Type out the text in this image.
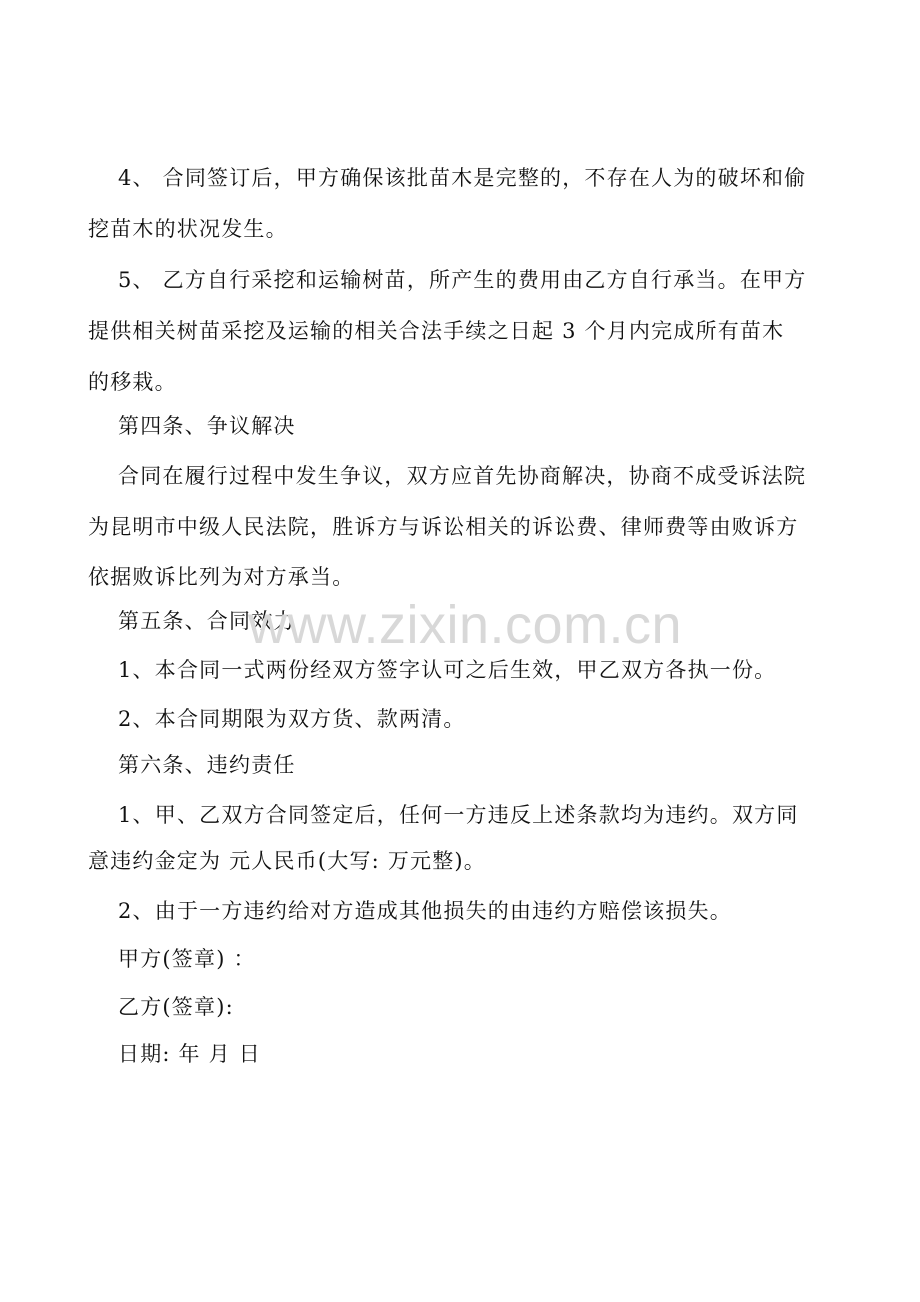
4、 合同签订后，甲方确保该批苗木是完整的，不存在人为的破坏和偷
挖苗木的状况发生。
5、 乙方自行采挖和运输树苗，所产生的费用由乙方自行承当。在甲方
提供相关树苗采挖及运输的相关合法手续之日起 3 个月内完成所有苗木
的移栽。
第四条、争议解决
合同在履行过程中发生争议，双方应首先协商解决，协商不成受诉法院
为昆明市中级人民法院，胜诉方与诉讼相关的诉讼费、律师费等由败诉方
依据败诉比列为对方承当。
第五条、合同效力
1、本合同一式两份经双方签字认可之后生效，甲乙双方各执一份。
2、本合同期限为双方货、款两清。
第六条、违约责任
1、甲、乙双方合同签定后，任何一方违反上述条款均为违约。双方同
意违约金定为 元人民币(大写: 万元整)。
2、由于一方违约给对方造成其他损失的由违约方赔偿该损失。
甲方(签章) ：
乙方(签章):
日期: 年 月 日
www.zixin.com.cn
